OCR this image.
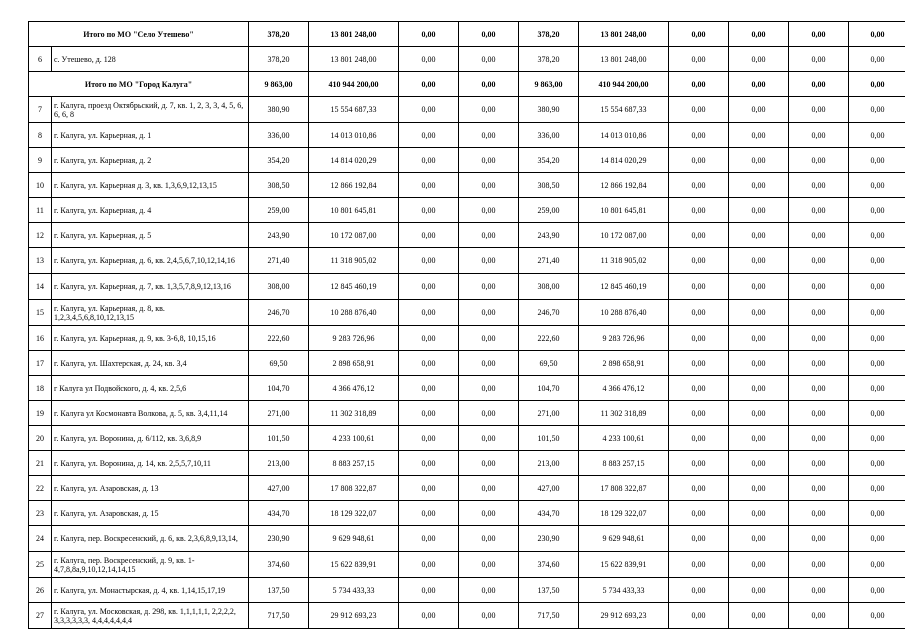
Итого по МО "Село Утешево"		378,20	13 801 248,00	0,00	0,00	378,20	13 801 248,00	0,00	0,00	0,00	0,00
6	с. Утешево, д. 128	378,20	13 801 248,00	0,00	0,00	378,20	13 801 248,00	0,00	0,00	0,00	0,00
Итого по МО "Город Калуга"		9 863,00	410 944 200,00	0,00	0,00	9 863,00	410 944 200,00	0,00	0,00	0,00	0,00
7	г. Калуга, проезд Октябрьский, д. 7, кв. 1, 2, 3, 3, 4, 5, 6, 6, 6, 8	380,90	15 554 687,33	0,00	0,00	380,90	15 554 687,33	0,00	0,00	0,00	0,00
8	г. Калуга, ул. Карьерная, д. 1	336,00	14 013 010,86	0,00	0,00	336,00	14 013 010,86	0,00	0,00	0,00	0,00
9	г. Калуга, ул. Карьерная, д. 2	354,20	14 814 020,29	0,00	0,00	354,20	14 814 020,29	0,00	0,00	0,00	0,00
10	г. Калуга, ул. Карьерная д. 3, кв. 1,3,6,9,12,13,15	308,50	12 866 192,84	0,00	0,00	308,50	12 866 192,84	0,00	0,00	0,00	0,00
11	г. Калуга, ул. Карьерная, д. 4	259,00	10 801 645,81	0,00	0,00	259,00	10 801 645,81	0,00	0,00	0,00	0,00
12	г. Калуга, ул. Карьерная, д. 5	243,90	10 172 087,00	0,00	0,00	243,90	10 172 087,00	0,00	0,00	0,00	0,00
13	г. Калуга, ул. Карьерная, д. 6, кв. 2,4,5,6,7,10,12,14,16	271,40	11 318 905,02	0,00	0,00	271,40	11 318 905,02	0,00	0,00	0,00	0,00
14	г. Калуга, ул. Карьерная, д. 7, кв. 1,3,5,7,8,9,12,13,16	308,00	12 845 460,19	0,00	0,00	308,00	12 845 460,19	0,00	0,00	0,00	0,00
15	г. Калуга, ул. Карьерная, д. 8, кв. 1,2,3,4,5,6,8,10,12,13,15	246,70	10 288 876,40	0,00	0,00	246,70	10 288 876,40	0,00	0,00	0,00	0,00
16	г. Калуга, ул. Карьерная, д. 9, кв. 3-6,8, 10,15,16	222,60	9 283 726,96	0,00	0,00	222,60	9 283 726,96	0,00	0,00	0,00	0,00
17	г. Калуга, ул. Шахтерская, д. 24, кв. 3,4	69,50	2 898 658,91	0,00	0,00	69,50	2 898 658,91	0,00	0,00	0,00	0,00
18	г Калуга ул Подвойского, д. 4, кв. 2,5,6	104,70	4 366 476,12	0,00	0,00	104,70	4 366 476,12	0,00	0,00	0,00	0,00
19	г. Калуга ул Космонавта Волкова, д. 5, кв. 3,4,11,14	271,00	11 302 318,89	0,00	0,00	271,00	11 302 318,89	0,00	0,00	0,00	0,00
20	г. Калуга, ул. Воронина, д. 6/112, кв. 3,6,8,9	101,50	4 233 100,61	0,00	0,00	101,50	4 233 100,61	0,00	0,00	0,00	0,00
21	г. Калуга, ул. Воронина, д. 14, кв. 2,5,5,7,10,11	213,00	8 883 257,15	0,00	0,00	213,00	8 883 257,15	0,00	0,00	0,00	0,00
22	г. Калуга, ул. Азаровская, д. 13	427,00	17 808 322,87	0,00	0,00	427,00	17 808 322,87	0,00	0,00	0,00	0,00
23	г. Калуга, ул. Азаровская, д. 15	434,70	18 129 322,07	0,00	0,00	434,70	18 129 322,07	0,00	0,00	0,00	0,00
24	г. Калуга, пер. Воскресенский, д. 6, кв. 2,3,6,8,9,13,14,	230,90	9 629 948,61	0,00	0,00	230,90	9 629 948,61	0,00	0,00	0,00	0,00
25	г. Калуга, пер. Воскресенский, д. 9, кв. 1-4,7,8,8а,9,10,12,14,14,15	374,60	15 622 839,91	0,00	0,00	374,60	15 622 839,91	0,00	0,00	0,00	0,00
26	г. Калуга, ул. Монастырская, д. 4, кв. 1,14,15,17,19	137,50	5 734 433,33	0,00	0,00	137,50	5 734 433,33	0,00	0,00	0,00	0,00
27	г. Калуга, ул. Московская, д. 298, кв. 1,1,1,1,1, 2,2,2,2, 3,3,3,3,3,3, 4,4,4,4,4,4,4	717,50	29 912 693,23	0,00	0,00	717,50	29 912 693,23	0,00	0,00	0,00	0,00
